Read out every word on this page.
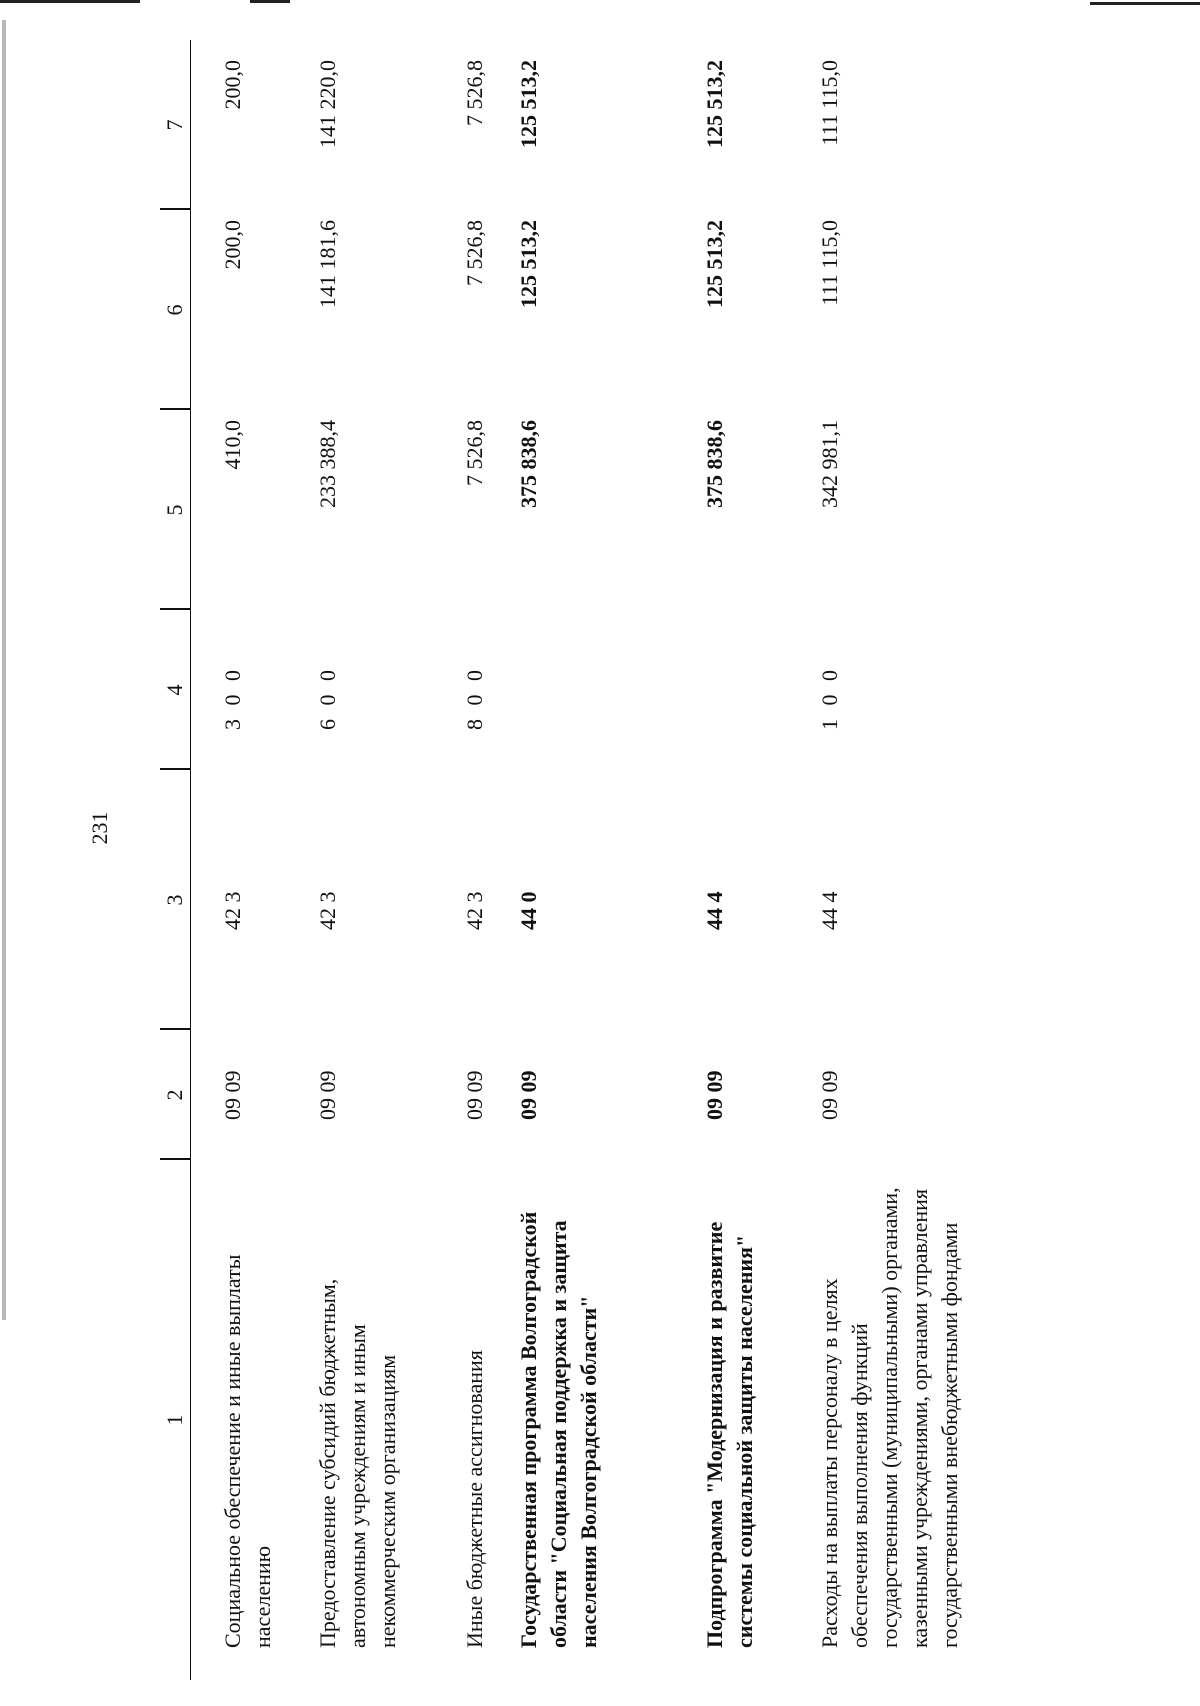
231
1
2
3
4
5
6
7
Социальное обеспечение и иные выплаты населению
09 09
42 3
3 0 0
410,0
200,0
200,0
Предоставление субсидий бюджетным, автономным учреждениям и иным некоммерческим организациям
09 09
42 3
6 0 0
233 388,4
141 181,6
141 220,0
Иные бюджетные ассигнования
09 09
42 3
8 0 0
7 526,8
7 526,8
7 526,8
Государственная программа Волгоградской области "Социальная поддержка и защита населения Волгоградской области"
09 09
44 0
375 838,6
125 513,2
125 513,2
Подпрограмма "Модернизация и развитие системы социальной защиты населения"
09 09
44 4
375 838,6
125 513,2
125 513,2
Расходы на выплаты персоналу в целях обеспечения выполнения функций государственными (муниципальными) органами, казенными учреждениями, органами управления государственными внебюджетными фондами
09 09
44 4
1 0 0
342 981,1
111 115,0
111 115,0
